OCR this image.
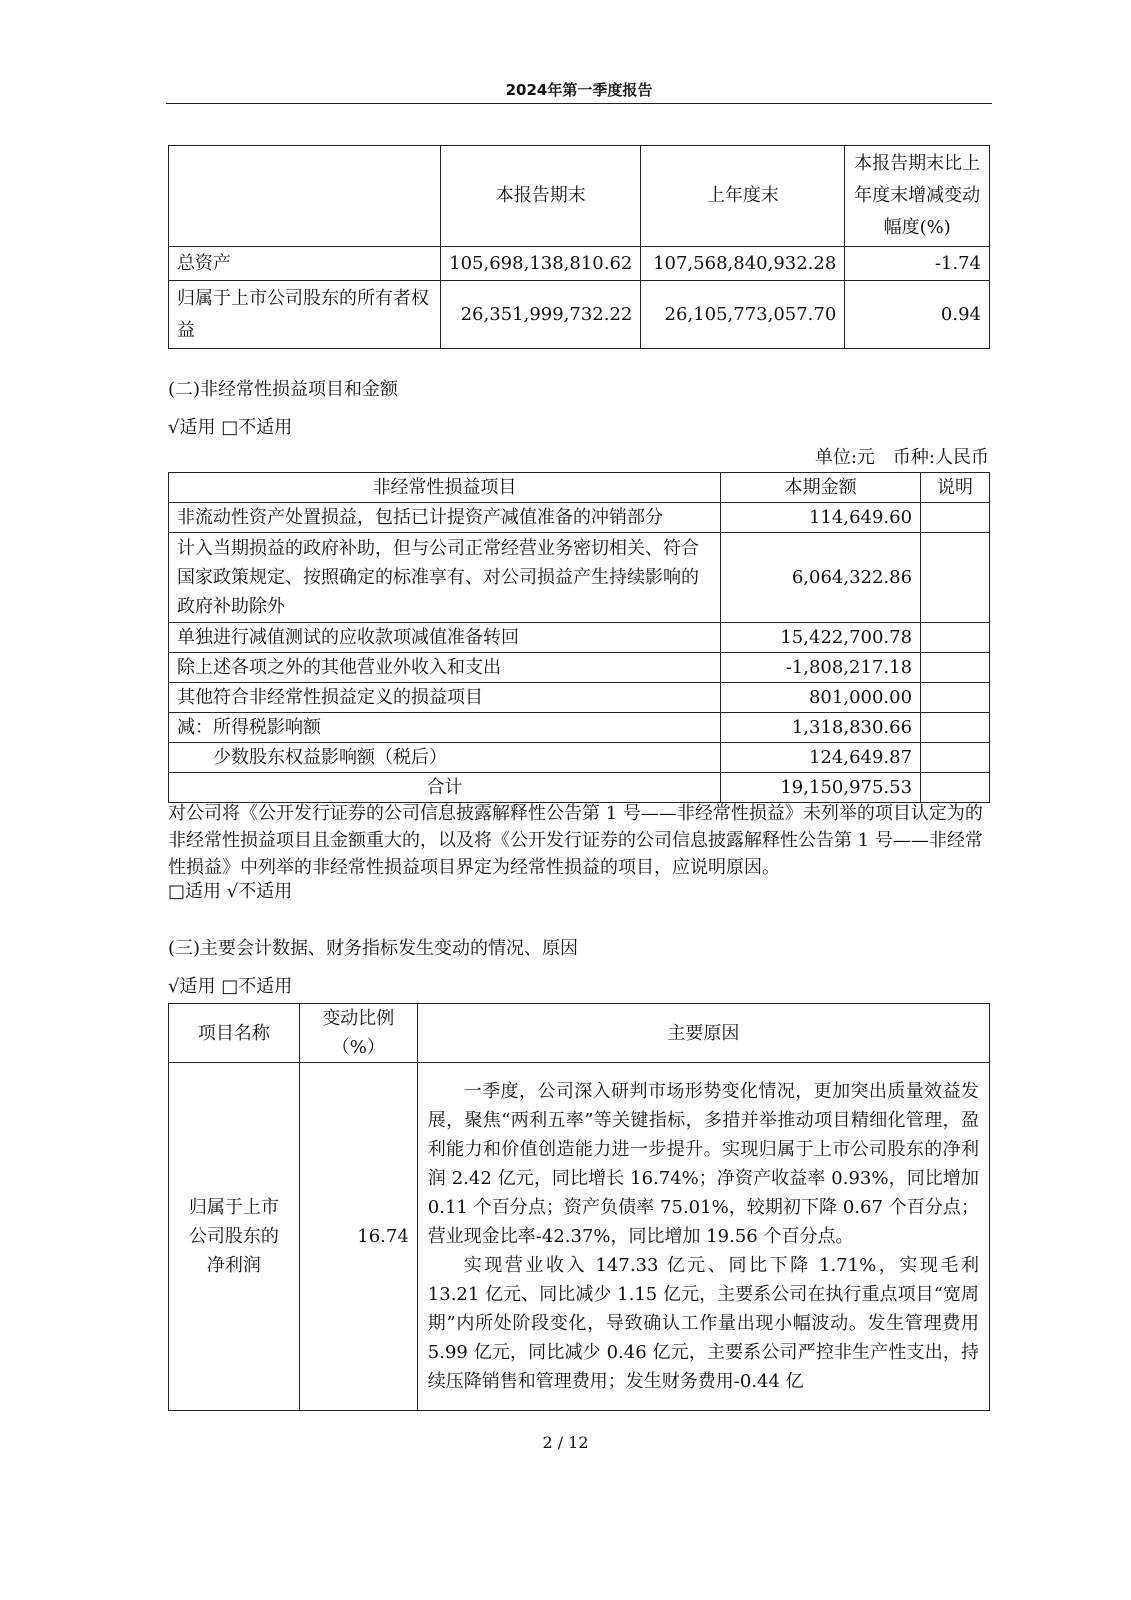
2024年第一季度报告
	本报告期末	上年度末	本报告期末比上年度末增减变动幅度(%)
总资产	105,698,138,810.62	107,568,840,932.28	-1.74
归属于上市公司股东的所有者权益	26,351,999,732.22	26,105,773,057.70	0.94
(二)非经常性损益项目和金额
√适用 □不适用
单位:元　币种:人民币
非经常性损益项目	本期金额	说明
非流动性资产处置损益，包括已计提资产减值准备的冲销部分	114,649.60	
计入当期损益的政府补助，但与公司正常经营业务密切相关、符合国家政策规定、按照确定的标准享有、对公司损益产生持续影响的政府补助除外	6,064,322.86	
单独进行减值测试的应收款项减值准备转回	15,422,700.78	
除上述各项之外的其他营业外收入和支出	-1,808,217.18	
其他符合非经常性损益定义的损益项目	801,000.00	
减：所得税影响额	1,318,830.66	
少数股东权益影响额（税后）	124,649.87	
合计	19,150,975.53	
对公司将《公开发行证券的公司信息披露解释性公告第 1 号——非经常性损益》未列举的项目认定为的非经常性损益项目且金额重大的，以及将《公开发行证券的公司信息披露解释性公告第 1 号——非经常性损益》中列举的非经常性损益项目界定为经常性损益的项目，应说明原因。
□适用 √不适用
(三)主要会计数据、财务指标发生变动的情况、原因
√适用 □不适用
项目名称	变动比例（%）	主要原因
归属于上市公司股东的净利润	16.74	一季度，公司深入研判市场形势变化情况，更加突出质量效益发展，聚焦“两利五率”等关键指标，多措并举推动项目精细化管理，盈利能力和价值创造能力进一步提升。实现归属于上市公司股东的净利润 2.42 亿元，同比增长 16.74%；净资产收益率 0.93%，同比增加 0.11 个百分点；资产负债率 75.01%，较期初下降 0.67 个百分点；营业现金比率-42.37%，同比增加 19.56 个百分点。

实现营业收入 147.33 亿元、同比下降 1.71%，实现毛利 13.21 亿元、同比减少 1.15 亿元，主要系公司在执行重点项目“宽周期”内所处阶段变化，导致确认工作量出现小幅波动。发生管理费用 5.99 亿元，同比减少 0.46 亿元，主要系公司严控非生产性支出，持续压降销售和管理费用；发生财务费用-0.44 亿

2 / 12
